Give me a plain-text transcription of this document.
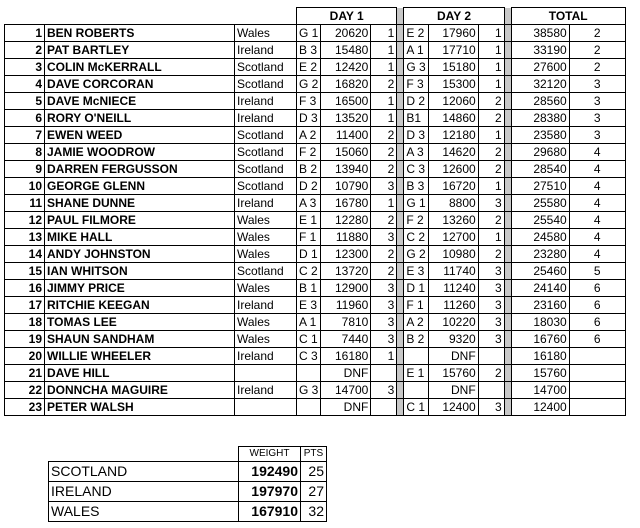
			DAY 1				DAY 2				TOTAL	
1	BEN ROBERTS	Wales	G 1	20620	1		E 2	17960	1		38580	2
2	PAT BARTLEY	Ireland	B 3	15480	1		A 1	17710	1		33190	2
3	COLIN McKERRALL	Scotland	E 2	12420	1		G 3	15180	1		27600	2
4	DAVE CORCORAN	Scotland	G 2	16820	2		F 3	15300	1		32120	3
5	DAVE McNIECE	Ireland	F 3	16500	1		D 2	12060	2		28560	3
6	RORY O'NEILL	Ireland	D 3	13520	1		B1	14860	2		28380	3
7	EWEN WEED	Scotland	A 2	11400	2		D 3	12180	1		23580	3
8	JAMIE WOODROW	Scotland	F 2	15060	2		A 3	14620	2		29680	4
9	DARREN FERGUSSON	Scotland	B 2	13940	2		C 3	12600	2		28540	4
10	GEORGE GLENN	Scotland	D 2	10790	3		B 3	16720	1		27510	4
11	SHANE DUNNE	Ireland	A 3	16780	1		G 1	8800	3		25580	4
12	PAUL FILMORE	Wales	E 1	12280	2		F 2	13260	2		25540	4
13	MIKE HALL	Wales	F 1	11880	3		C 2	12700	1		24580	4
14	ANDY JOHNSTON	Wales	D 1	12300	2		G 2	10980	2		23280	4
15	IAN WHITSON	Scotland	C 2	13720	2		E 3	11740	3		25460	5
16	JIMMY PRICE	Wales	B 1	12900	3		D 1	11240	3		24140	6
17	RITCHIE KEEGAN	Ireland	E 3	11960	3		F 1	11260	3		23160	6
18	TOMAS LEE	Wales	A 1	7810	3		A 2	10220	3		18030	6
19	SHAUN SANDHAM	Wales	C 1	7440	3		B 2	9320	3		16760	6
20	WILLIE WHEELER	Ireland	C 3	16180	1			DNF			16180	
21	DAVE HILL			DNF			E 1	15760	2		15760	
22	DONNCHA MAGUIRE	Ireland	G 3	14700	3			DNF			14700	
23	PETER WALSH			DNF			C 1	12400	3		12400	
	WEIGHT	PTS
SCOTLAND	192490	25
IRELAND	197970	27
WALES	167910	32
